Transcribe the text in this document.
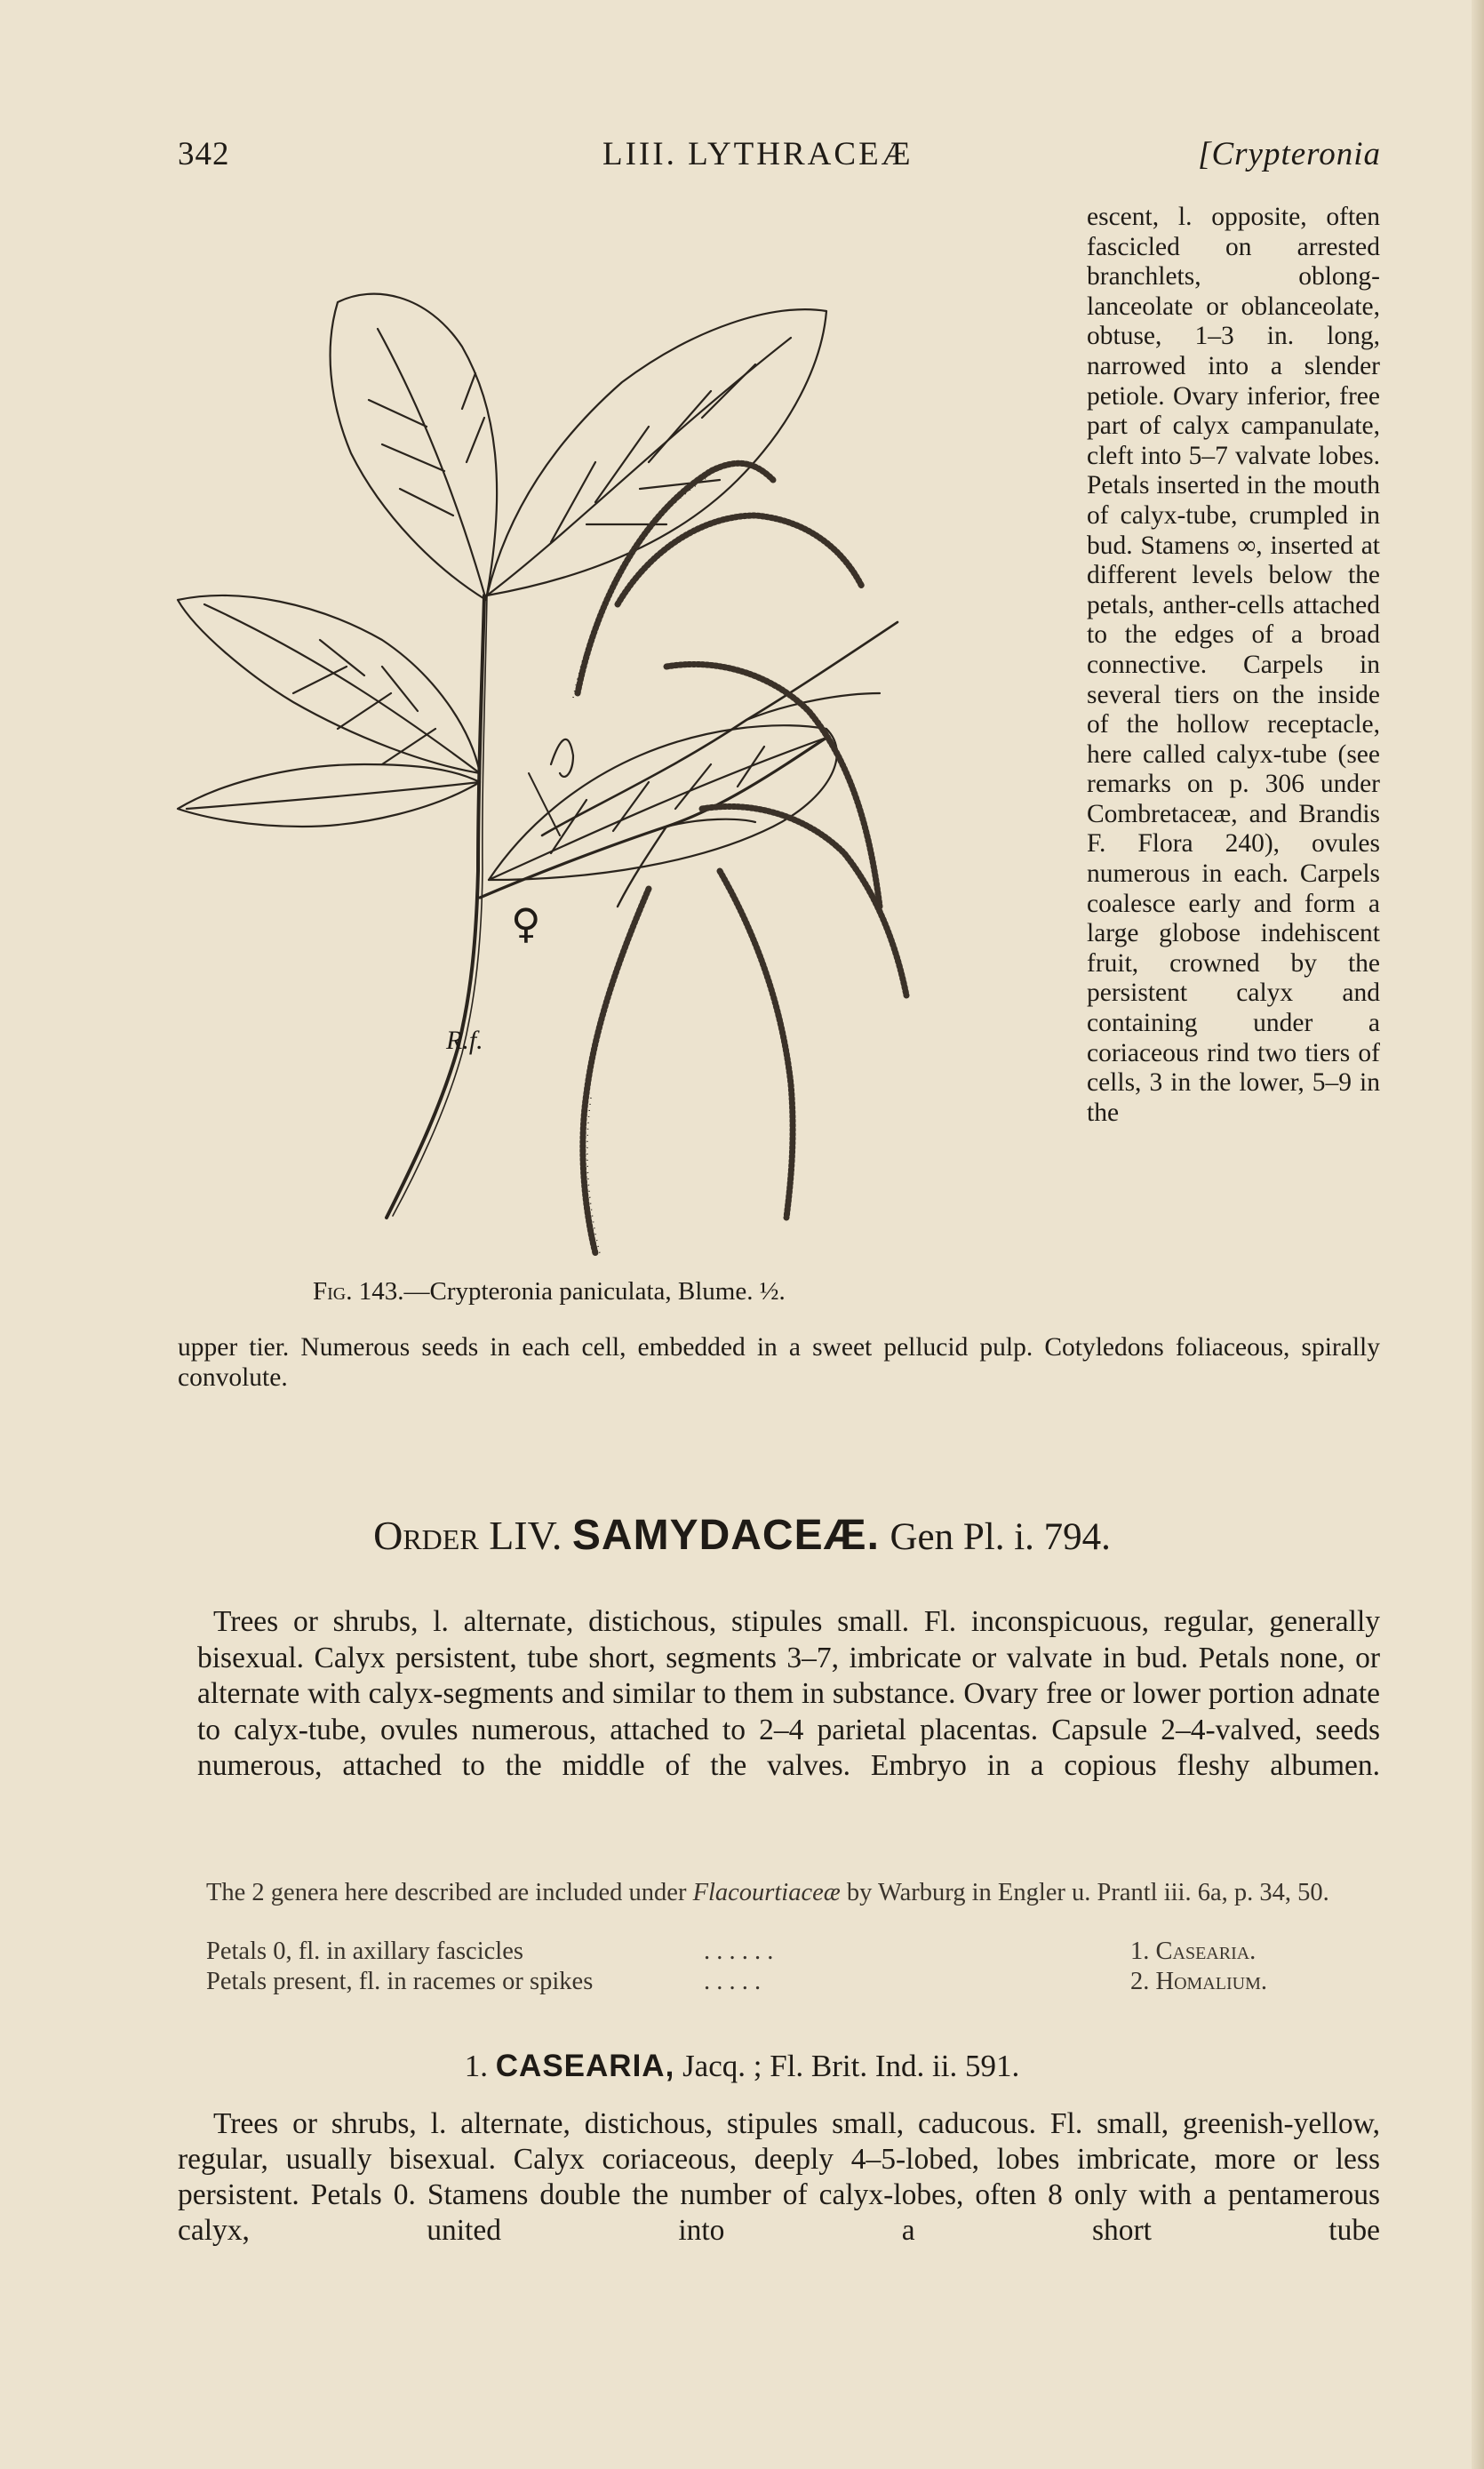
342	LIII. LYTHRACEÆ	[Crypteronia
♀
R.f.
Fig. 143.—Crypteronia paniculata, Blume. ½.

escent, l. opposite, often fascicled on arrested branchlets, oblong-lanceolate or oblanceolate, obtuse, 1–3 in. long, narrowed into a slender petiole. Ovary inferior, free part of calyx campanulate, cleft into 5–7 valvate lobes. Petals inserted in the mouth of calyx-tube, crumpled in bud. Stamens ∞, inserted at different levels below the petals, anther-cells attached to the edges of a broad connective. Carpels in several tiers on the inside of the hollow receptacle, here called calyx-tube (see remarks on p. 306 under Combretaceæ, and Brandis F. Flora 240), ovules numerous in each. Carpels coalesce early and form a large globose indehiscent fruit, crowned by the persistent calyx and containing under a coriaceous rind two tiers of cells, 3 in the lower, 5–9 in the

upper tier. Numerous seeds in each cell, embedded in a sweet pellucid pulp. Cotyledons foliaceous, spirally convolute.

Order LIV. SAMYDACEÆ. Gen Pl. i. 794.

Trees or shrubs, l. alternate, distichous, stipules small. Fl. inconspicuous, regular, generally bisexual. Calyx persistent, tube short, segments 3–7, imbricate or valvate in bud. Petals none, or alternate with calyx-segments and similar to them in substance. Ovary free or lower portion adnate to calyx-tube, ovules numerous, attached to 2–4 parietal placentas. Capsule 2–4-valved, seeds numerous, attached to the middle of the valves. Embryo in a copious fleshy albumen.

The 2 genera here described are included under Flacourtiaceæ by Warburg in Engler u. Prantl iii. 6a, p. 34, 50.

Petals 0, fl. in axillary fascicles	. . . . . .	1. Casearia.
Petals present, fl. in racemes or spikes	. . . . .	2. Homalium.
1. CASEARIA, Jacq. ; Fl. Brit. Ind. ii. 591.

Trees or shrubs, l. alternate, distichous, stipules small, caducous. Fl. small, greenish-yellow, regular, usually bisexual. Calyx coriaceous, deeply 4–5-lobed, lobes imbricate, more or less persistent. Petals 0. Stamens double the number of calyx-lobes, often 8 only with a pentamerous calyx, united into a short tube
